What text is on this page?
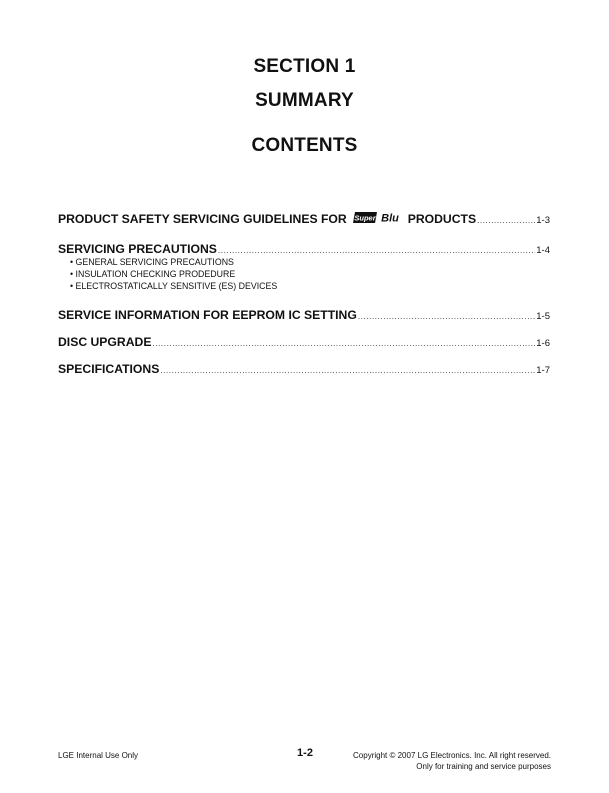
SECTION 1
SUMMARY
CONTENTS
PRODUCT SAFETY SERVICING GUIDELINES FOR Super Blu PRODUCTS .....	1-3
SERVICING PRECAUTIONS .....	1-4
• GENERAL SERVICING PRECAUTIONS
• INSULATION CHECKING PRODEDURE
• ELECTROSTATICALLY SENSITIVE (ES) DEVICES
SERVICE INFORMATION FOR EEPROM IC SETTING .....	1-5
DISC UPGRADE .....	1-6
SPECIFICATIONS .....	1-7
LGE Internal Use Only	1-2	Copyright © 2007 LG Electronics. Inc. All right reserved.
Only for training and service purposes
